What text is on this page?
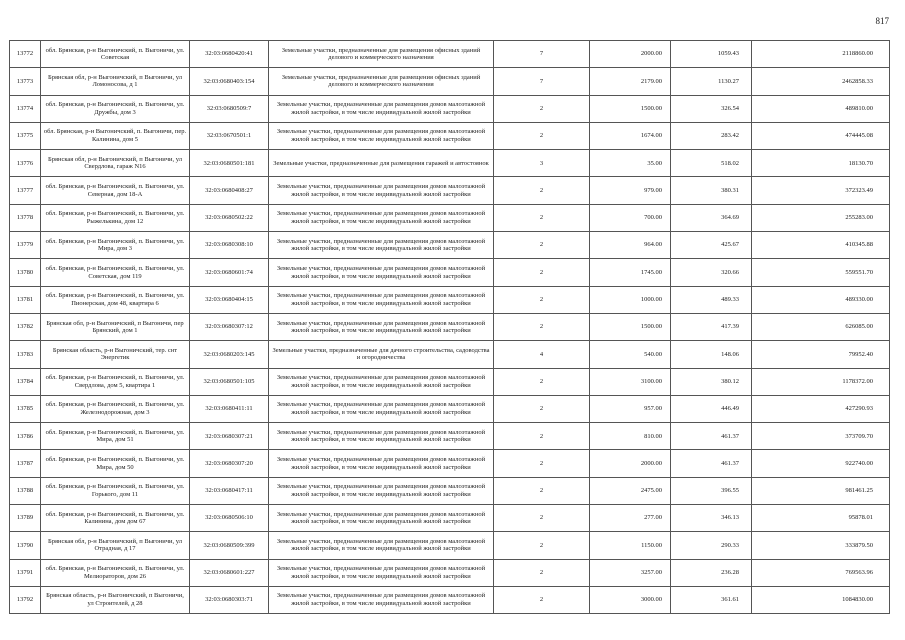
817
13772	обл. Брянская, р-н Выгоничский, п. Выгоничи, ул. Советская	32:03:0680420:41	Земельные участки, предназначенные для размещения офисных зданий делового и коммерческого назначения	7	2000.00	1059.43	2118860.00
13773	Брянская обл, р-н Выгоничский, п Выгоничи, ул Ломоносова, д 1	32:03:0680403:154	Земельные участки, предназначенные для размещения офисных зданий делового и коммерческого назначения	7	2179.00	1130.27	2462858.33
13774	обл. Брянская, р-н Выгоничский, п. Выгоничи, ул. Дружбы, дом 3	32:03:0680509:7	Земельные участки, предназначенные для размещения домов малоэтажной жилой застройки, в том числе индивидуальной жилой застройки	2	1500.00	326.54	489810.00
13775	обл. Брянская, р-н Выгоничский, п. Выгоничи, пер. Калинина, дом 5	32:03:0670501:1	Земельные участки, предназначенные для размещения домов малоэтажной жилой застройки, в том числе индивидуальной жилой застройки	2	1674.00	283.42	474445.08
13776	Брянская обл, р-н Выгоничский, п Выгоничи, ул Свердлова, гараж N16	32:03:0680501:181	Земельные участки, предназначенные для размещения гаражей и автостоянок	3	35.00	518.02	18130.70
13777	обл. Брянская, р-н Выгоничский, п. Выгоничи, ул. Северная, дом 18-А	32:03:0680408:27	Земельные участки, предназначенные для размещения домов малоэтажной жилой застройки, в том числе индивидуальной жилой застройки	2	979.00	380.31	372323.49
13778	обл. Брянская, р-н Выгоничский, п. Выгоничи, ул. Рыжелькина, дом 12	32:03:0680502:22	Земельные участки, предназначенные для размещения домов малоэтажной жилой застройки, в том числе индивидуальной жилой застройки	2	700.00	364.69	255283.00
13779	обл. Брянская, р-н Выгоничский, п. Выгоничи, ул. Мира, дом 3	32:03:0680308:10	Земельные участки, предназначенные для размещения домов малоэтажной жилой застройки, в том числе индивидуальной жилой застройки	2	964.00	425.67	410345.88
13780	обл. Брянская, р-н Выгоничский, п. Выгоничи, ул. Советская, дом 119	32:03:0680601:74	Земельные участки, предназначенные для размещения домов малоэтажной жилой застройки, в том числе индивидуальной жилой застройки	2	1745.00	320.66	559551.70
13781	обл. Брянская, р-н Выгоничский, п. Выгоничи, ул. Пионерская, дом 48, квартира 6	32:03:0680404:15	Земельные участки, предназначенные для размещения домов малоэтажной жилой застройки, в том числе индивидуальной жилой застройки	2	1000.00	489.33	489330.00
13782	Брянская обл, р-н Выгоничский, п Выгоничи, пер Брянский, дом 1	32:03:0680307:12	Земельные участки, предназначенные для размещения домов малоэтажной жилой застройки, в том числе индивидуальной жилой застройки	2	1500.00	417.39	626085.00
13783	Брянская область, р-н Выгоничский, тер. снт Энергетик	32:03:0680203:145	Земельные участки, предназначенные для дачного строительства, садоводства и огородничества	4	540.00	148.06	79952.40
13784	обл. Брянская, р-н Выгоничский, п. Выгоничи, ул. Свердлова, дом 5, квартира 1	32:03:0680501:105	Земельные участки, предназначенные для размещения домов малоэтажной жилой застройки, в том числе индивидуальной жилой застройки	2	3100.00	380.12	1178372.00
13785	обл. Брянская, р-н Выгоничский, п. Выгоничи, ул. Железнодорожная, дом 3	32:03:0680411:11	Земельные участки, предназначенные для размещения домов малоэтажной жилой застройки, в том числе индивидуальной жилой застройки	2	957.00	446.49	427290.93
13786	обл. Брянская, р-н Выгоничский, п. Выгоничи, ул. Мира, дом 51	32:03:0680307:21	Земельные участки, предназначенные для размещения домов малоэтажной жилой застройки, в том числе индивидуальной жилой застройки	2	810.00	461.37	373709.70
13787	обл. Брянская, р-н Выгоничский, п. Выгоничи, ул. Мира, дом 50	32:03:0680307:20	Земельные участки, предназначенные для размещения домов малоэтажной жилой застройки, в том числе индивидуальной жилой застройки	2	2000.00	461.37	922740.00
13788	обл. Брянская, р-н Выгоничский, п. Выгоничи, ул. Горького, дом 11	32:03:0680417:11	Земельные участки, предназначенные для размещения домов малоэтажной жилой застройки, в том числе индивидуальной жилой застройки	2	2475.00	396.55	981461.25
13789	обл. Брянская, р-н Выгоничский, п. Выгоничи, ул. Калинина, дом дом 67	32:03:0680506:10	Земельные участки, предназначенные для размещения домов малоэтажной жилой застройки, в том числе индивидуальной жилой застройки	2	277.00	346.13	95878.01
13790	Брянская обл, р-н Выгоничский, п Выгоничи, ул Отрадная, д 17	32:03:0680509:399	Земельные участки, предназначенные для размещения домов малоэтажной жилой застройки, в том числе индивидуальной жилой застройки	2	1150.00	290.33	333879.50
13791	обл. Брянская, р-н Выгоничский, п. Выгоничи, ул. Мелиораторов, дом 26	32:03:0680601:227	Земельные участки, предназначенные для размещения домов малоэтажной жилой застройки, в том числе индивидуальной жилой застройки	2	3257.00	236.28	769563.96
13792	Брянская область, р-н Выгоничский, п Выгоничи, ул Строителей, д 28	32:03:0680303:71	Земельные участки, предназначенные для размещения домов малоэтажной жилой застройки, в том числе индивидуальной жилой застройки	2	3000.00	361.61	1084830.00
